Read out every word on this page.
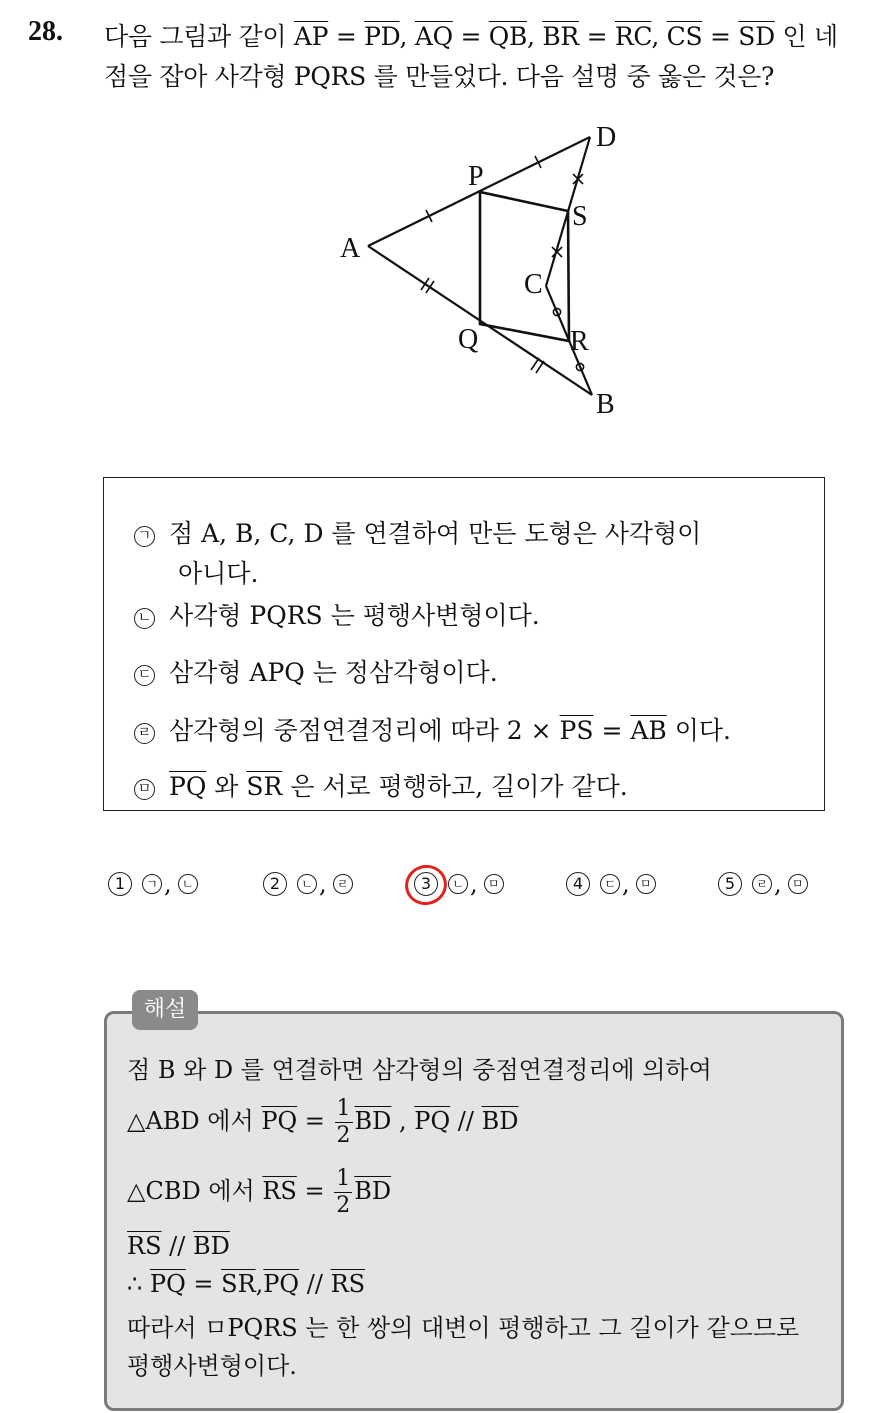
28. 다음 그림과 같이 $\overline{AP} = \overline{PD}$, $\overline{AQ} = \overline{QB}$, $\overline{BR} = \overline{RC}$, $\overline{CS} = \overline{SD}$ 인 네
점을 잡아 사각형 PQRS 를 만들었다. 다음 설명 중 옳은 것은?
A
P
D
S
C
Q	R
B
ㄱ 점 A, B, C, D 를 연결하여 만든 도형은 사각형이
아니다.
ㄴ 사각형 PQRS 는 평행사변형이다.
ㄷ 삼각형 APQ 는 정삼각형이다.
ㄹ 삼각형의 중점연결정리에 따라 $2 \times \overline{PS} = \overline{AB}$ 이다.
ㅁ $\overline{PQ}$ 와 $\overline{SR}$ 은 서로 평행하고, 길이가 같다.
1	ㄱ , ㄴ	2	ㄴ , ㄹ	3	ㄴ , ㅁ	4	ㄷ , ㅁ	5	ㄹ , ㅁ
점 B 와 D 를 연결하면 삼각형의 중점연결정리에 의하여
△ABD 에서 $\overline{PQ} = \frac{1}{2} \overline{BD}$ , $\overline{PQ} // \overline{BD}$
△CBD 에서 $\overline{RS} = \frac{1}{2} \overline{BD}$
$\overline{RS} // \overline{BD}$
∴ $\overline{PQ} = \overline{SR},\overline{PQ} // \overline{RS}$
따라서 ㅁPQRS 는 한 쌍의 대변이 평행하고 그 길이가 같으므로
평행사변형이다.
해설
